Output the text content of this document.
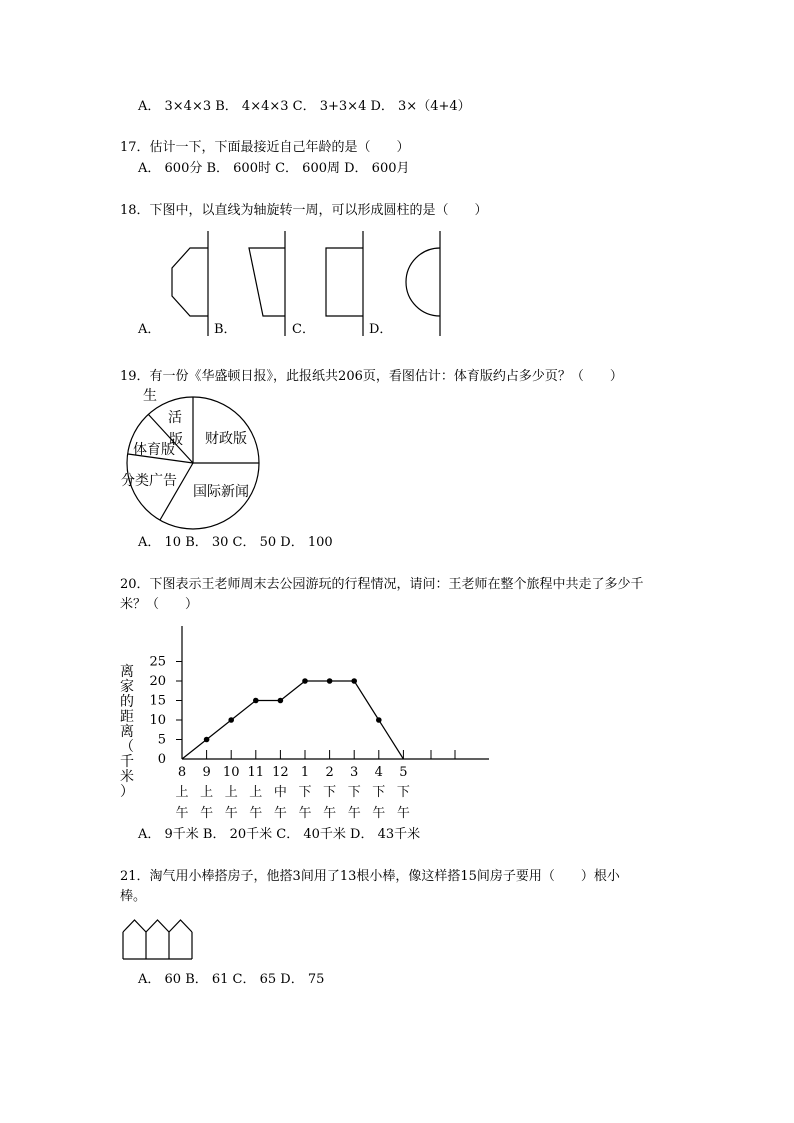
A． 3×4×3 B． 4×4×3 C． 3+3×4 D． 3×（4+4）
17．估计一下，下面最接近自己年龄的是（　　）
A． 600分 B． 600时 C． 600周 D． 600月
18．下图中，以直线为轴旋转一周，可以形成圆柱的是（　　）
A．	B．	C．	D．
19．有一份《华盛顿日报》，此报纸共206页，看图估计：体育版约占多少页？（　　）
生
活
版 财政版
体育版
分类广告
国际新闻
A． 10 B． 30 C． 50 D． 100
20．下图表示王老师周末去公园游玩的行程情况，请问：王老师在整个旅程中共走了多少千
米？（　　）
25
20
15
10
5
0
8
上
午
9
上
午
10
上
午
11
上
午
12
中
午
1
下
午
2
下
午
3
下
午
4
下
午
5
下
午
离
家
的
距
离
（
千
米
）
A． 9千米 B． 20千米 C． 40千米 D． 43千米
21．淘气用小棒搭房子，他搭3间用了13根小棒，像这样搭15间房子要用（　　）根小
棒。
A． 60 B． 61 C． 65 D． 75
